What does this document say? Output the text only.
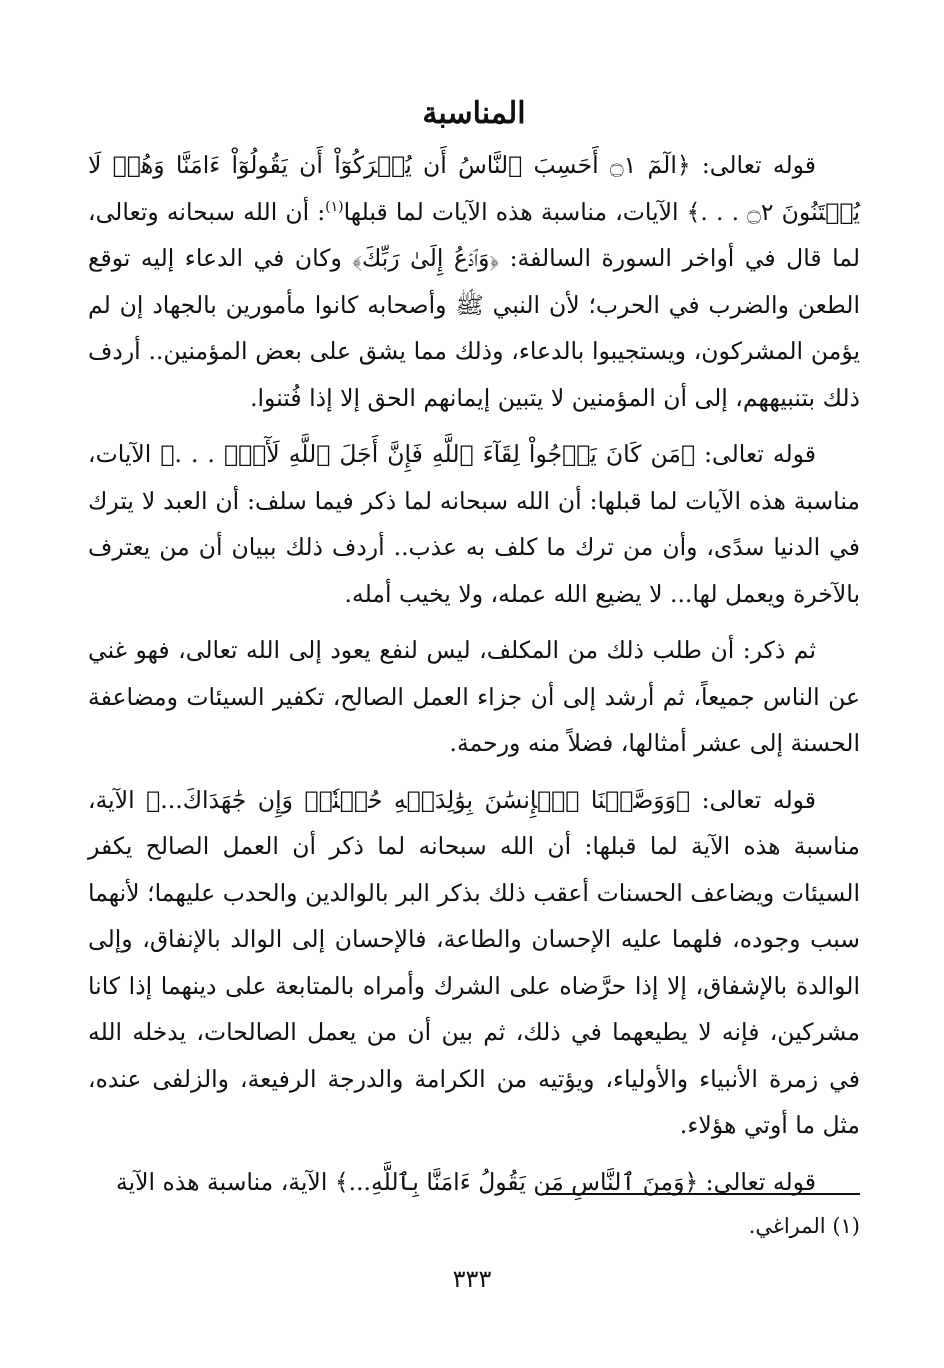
المناسبة

قوله تعالى: ﴿الٓمٓ ۝١ أَحَسِبَ ٱلنَّاسُ أَن يُتۡرَكُوٓاْ أَن يَقُولُوٓاْ ءَامَنَّا وَهُمۡ لَا يُفۡتَنُونَ ۝٢ . . .﴾ الآيات، مناسبة هذه الآيات لما قبلها$^{(١)}$: أن الله سبحانه وتعالى، لما قال في أواخر السورة السالفة: ﴿وَٱدۡعُ إِلَىٰ رَبِّكَ﴾ وكان في الدعاء إليه توقع الطعن والضرب في الحرب؛ لأن النبي ﷺ وأصحابه كانوا مأمورين بالجهاد إن لم يؤمن المشركون، ويستجيبوا بالدعاء، وذلك مما يشق على بعض المؤمنين.. أردف ذلك بتنبيههم، إلى أن المؤمنين لا يتبين إيمانهم الحق إلا إذا فُتنوا.

قوله تعالى: ﴿مَن كَانَ يَرۡجُواْ لِقَآءَ ٱللَّهِ فَإِنَّ أَجَلَ ٱللَّهِ لَأٓتٖۚ . . .﴾ الآيات، مناسبة هذه الآيات لما قبلها: أن الله سبحانه لما ذكر فيما سلف: أن العبد لا يترك في الدنيا سدًى، وأن من ترك ما كلف به عذب.. أردف ذلك ببيان أن من يعترف بالآخرة ويعمل لها... لا يضيع الله عمله، ولا يخيب أمله.

ثم ذكر: أن طلب ذلك من المكلف، ليس لنفع يعود إلى الله تعالى، فهو غني عن الناس جميعاً، ثم أرشد إلى أن جزاء العمل الصالح، تكفير السيئات ومضاعفة الحسنة إلى عشر أمثالها، فضلاً منه ورحمة.

قوله تعالى: ﴿وَوَصَّيۡنَا ٱلۡإِنسَٰنَ بِوَٰلِدَيۡهِ حُسۡنٗاۖ وَإِن جَٰهَدَاكَ...﴾ الآية، مناسبة هذه الآية لما قبلها: أن الله سبحانه لما ذكر أن العمل الصالح يكفر السيئات ويضاعف الحسنات أعقب ذلك بذكر البر بالوالدين والحدب عليهما؛ لأنهما سبب وجوده، فلهما عليه الإحسان والطاعة، فالإحسان إلى الوالد بالإنفاق، وإلى الوالدة بالإشفاق، إلا إذا حرَّضاه على الشرك وأمراه بالمتابعة على دينهما إذا كانا مشركين، فإنه لا يطيعهما في ذلك، ثم بين أن من يعمل الصالحات، يدخله الله في زمرة الأنبياء والأولياء، ويؤتيه من الكرامة والدرجة الرفيعة، والزلفى عنده، مثل ما أوتي هؤلاء.

قوله تعالى: ﴿وَمِنَ ٱلنَّاسِ مَن يَقُولُ ءَامَنَّا بِٱللَّهِ...﴾ الآية، مناسبة هذه الآية

(١) المراغي.
٣٣٣
